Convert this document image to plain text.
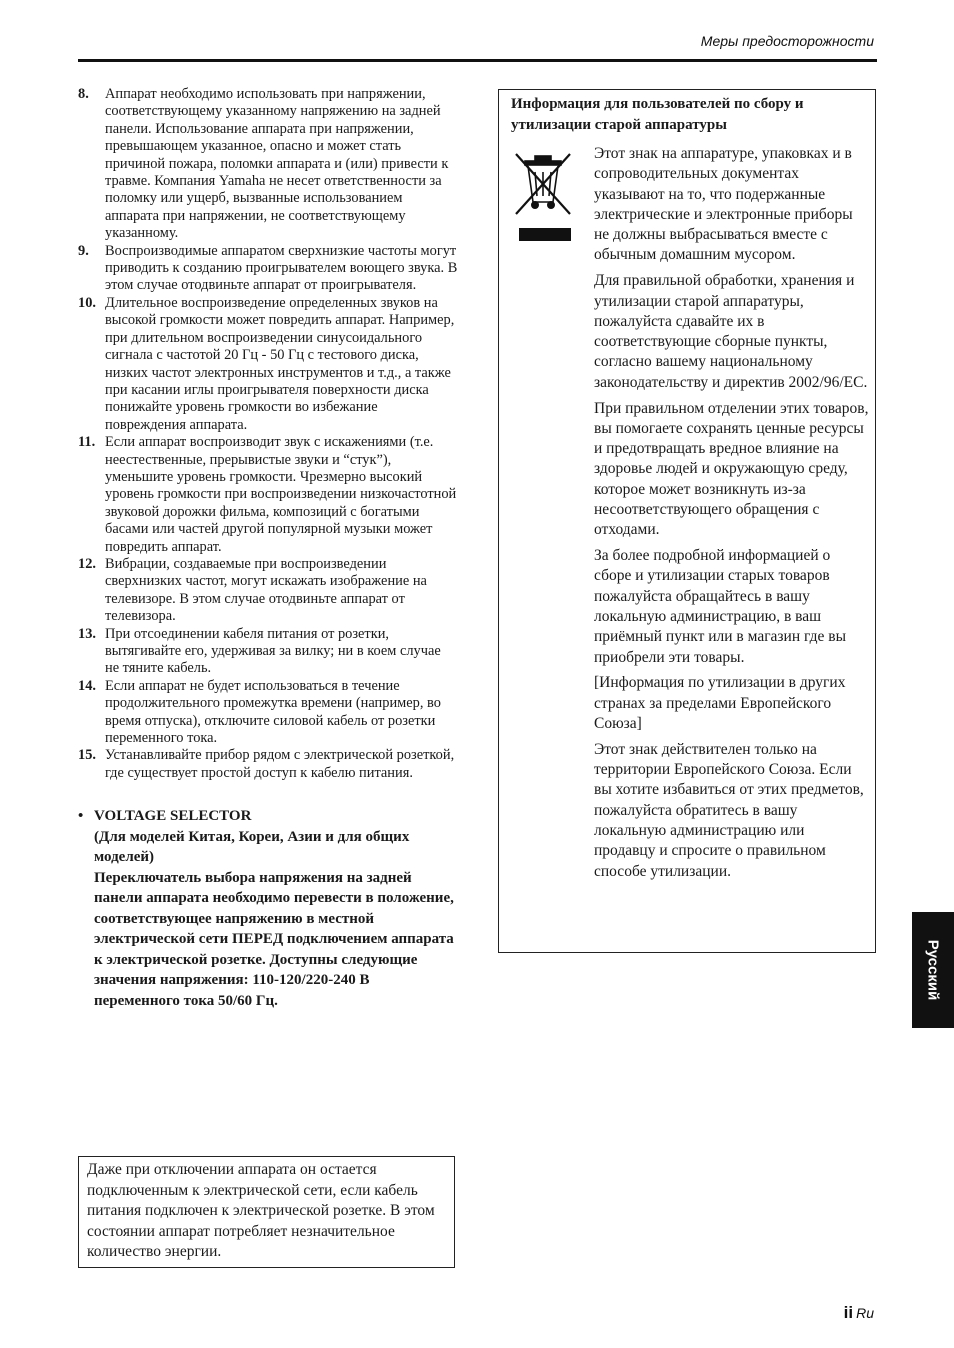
Меры предосторожности
8. Аппарат необходимо использовать при напряжении, соответствующему указанному напряжению на задней панели. Использование аппарата при напряжении, превышающем указанное, опасно и может стать причиной пожара, поломки аппарата и (или) привести к травме. Компания Yamaha не несет ответственности за поломку или ущерб, вызванные использованием аппарата при напряжении, не соответствующему указанному.
9. Воспроизводимые аппаратом сверхнизкие частоты могут приводить к созданию проигрывателем воющего звука. В этом случае отодвиньте аппарат от проигрывателя.
10. Длительное воспроизведение определенных звуков на высокой громкости может повредить аппарат. Например, при длительном воспроизведении синусоидального сигнала с частотой 20 Гц - 50 Гц с тестового диска, низких частот электронных инструментов и т.д., а также при касании иглы проигрывателя поверхности диска понижайте уровень громкости во избежание повреждения аппарата.
11. Если аппарат воспроизводит звук с искажениями (т.е. неестественные, прерывистые звуки и “стук”), уменьшите уровень громкости. Чрезмерно высокий уровень громкости при воспроизведении низкочастотной звуковой дорожки фильма, композиций с богатыми басами или частей другой популярной музыки может повредить аппарат.
12. Вибрации, создаваемые при воспроизведении сверхнизких частот, могут искажать изображение на телевизоре. В этом случае отодвиньте аппарат от телевизора.
13. При отсоединении кабеля питания от розетки, вытягивайте его, удерживая за вилку; ни в коем случае не тяните кабель.
14. Если аппарат не будет использоваться в течение продолжительного промежутка времени (например, во время отпуска), отключите силовой кабель от розетки переменного тока.
15. Устанавливайте прибор рядом с электрической розеткой, где существует простой доступ к кабелю питания.
• VOLTAGE SELECTOR
(Для моделей Китая, Кореи, Азии и для общих моделей)
Переключатель выбора напряжения на задней панели аппарата необходимо перевести в положение, соответствующее напряжению в местной электрической сети ПЕРЕД подключением аппарата к электрической розетке. Доступны следующие значения напряжения: 110-120/220-240 В переменного тока 50/60 Гц.

Даже при отключении аппарата он остается подключенным к электрической сети, если кабель питания подключен к электрической розетке. В этом состоянии аппарат потребляет незначительное количество энергии.
Информация для пользователей по сбору и утилизации старой аппаратуры

Этот знак на аппаратуре, упаковках и в сопроводительных документах указывают на то, что подержанные электрические и электронные приборы не должны выбрасываться вместе с обычным домашним мусором.

Для правильной обработки, хранения и утилизации старой аппаратуры, пожалуйста сдавайте их в соответствующие сборные пункты, согласно вашему национальному законодательству и директив 2002/96/EC.

При правильном отделении этих товаров, вы помогаете сохранять ценные ресурсы и предотвращать вредное влияние на здоровье людей и окружающую среду, которое может возникнуть из-за несоответствующего обращения с отходами.

За более подробной информацией о сборе и утилизации старых товаров пожалуйста обращайтесь в вашу локальную администрацию, в ваш приёмный пункт или в магазин где вы приобрели эти товары.

[Информация по утилизации в других странах за пределами Европейского Союза]

Этот знак действителен только на территории Европейского Союза. Если вы хотите избавиться от этих предметов, пожалуйста обратитесь в вашу локальную администрацию или продавцу и спросите о правильном способе утилизации.

Русский
ii Ru
